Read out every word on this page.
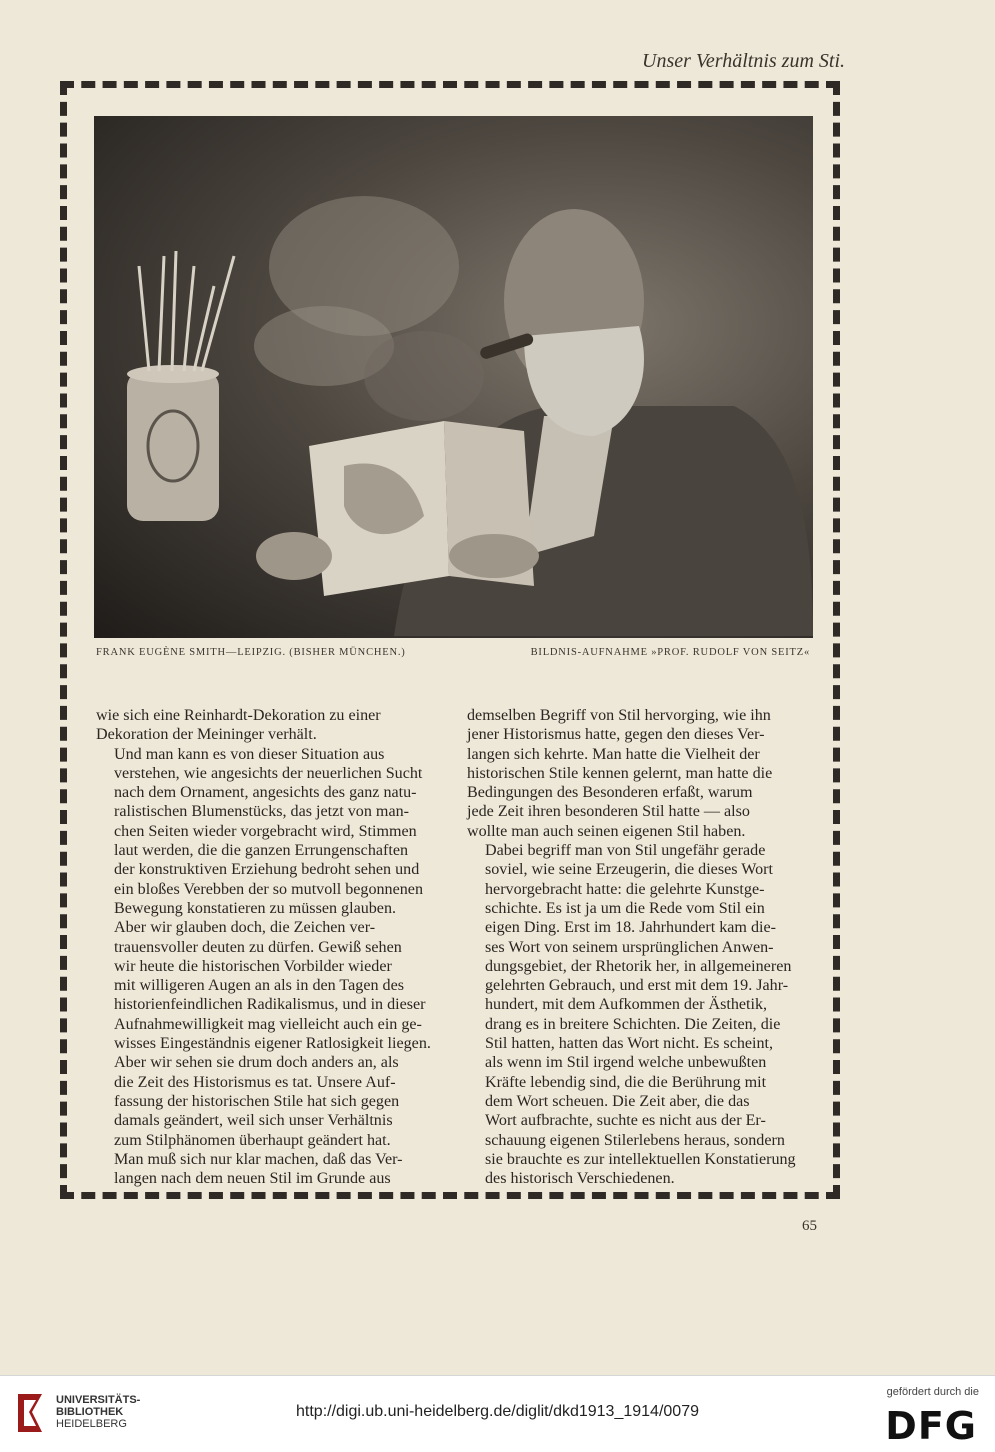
Unser Verhältnis zum Sti.
FRANK EUGÈNE SMITH—LEIPZIG. (BISHER MÜNCHEN.)	BILDNIS-AUFNAHME »PROF. RUDOLF VON SEITZ«

wie sich eine Reinhardt-Dekoration zu einer
Dekoration der Meininger verhält.

Und man kann es von dieser Situation aus
verstehen, wie angesichts der neuerlichen Sucht
nach dem Ornament, angesichts des ganz natu-
ralistischen Blumenstücks, das jetzt von man-
chen Seiten wieder vorgebracht wird, Stimmen
laut werden, die die ganzen Errungenschaften
der konstruktiven Erziehung bedroht sehen und
ein bloßes Verebben der so mutvoll begonnenen
Bewegung konstatieren zu müssen glauben.

Aber wir glauben doch, die Zeichen ver-
trauensvoller deuten zu dürfen. Gewiß sehen
wir heute die historischen Vorbilder wieder
mit willigeren Augen an als in den Tagen des
historienfeindlichen Radikalismus, und in dieser
Aufnahmewilligkeit mag vielleicht auch ein ge-
wisses Eingeständnis eigener Ratlosigkeit liegen.
Aber wir sehen sie drum doch anders an, als
die Zeit des Historismus es tat. Unsere Auf-
fassung der historischen Stile hat sich gegen
damals geändert, weil sich unser Verhältnis
zum Stilphänomen überhaupt geändert hat.

Man muß sich nur klar machen, daß das Ver-
langen nach dem neuen Stil im Grunde aus

demselben Begriff von Stil hervorging, wie ihn
jener Historismus hatte, gegen den dieses Ver-
langen sich kehrte. Man hatte die Vielheit der
historischen Stile kennen gelernt, man hatte die
Bedingungen des Besonderen erfaßt, warum
jede Zeit ihren besonderen Stil hatte — also
wollte man auch seinen eigenen Stil haben.

Dabei begriff man von Stil ungefähr gerade
soviel, wie seine Erzeugerin, die dieses Wort
hervorgebracht hatte: die gelehrte Kunstge-
schichte. Es ist ja um die Rede vom Stil ein
eigen Ding. Erst im 18. Jahrhundert kam die-
ses Wort von seinem ursprünglichen Anwen-
dungsgebiet, der Rhetorik her, in allgemeineren
gelehrten Gebrauch, und erst mit dem 19. Jahr-
hundert, mit dem Aufkommen der Ästhetik,
drang es in breitere Schichten. Die Zeiten, die
Stil hatten, hatten das Wort nicht. Es scheint,
als wenn im Stil irgend welche unbewußten
Kräfte lebendig sind, die die Berührung mit
dem Wort scheuen. Die Zeit aber, die das
Wort aufbrachte, suchte es nicht aus der Er-
schauung eigenen Stilerlebens heraus, sondern
sie brauchte es zur intellektuellen Konstatierung
des historisch Verschiedenen.

65
UNIVERSITÄTS-
BIBLIOTHEK
HEIDELBERG
http://digi.ub.uni-heidelberg.de/diglit/dkd1913_1914/0079
gefördert durch die
DFG
